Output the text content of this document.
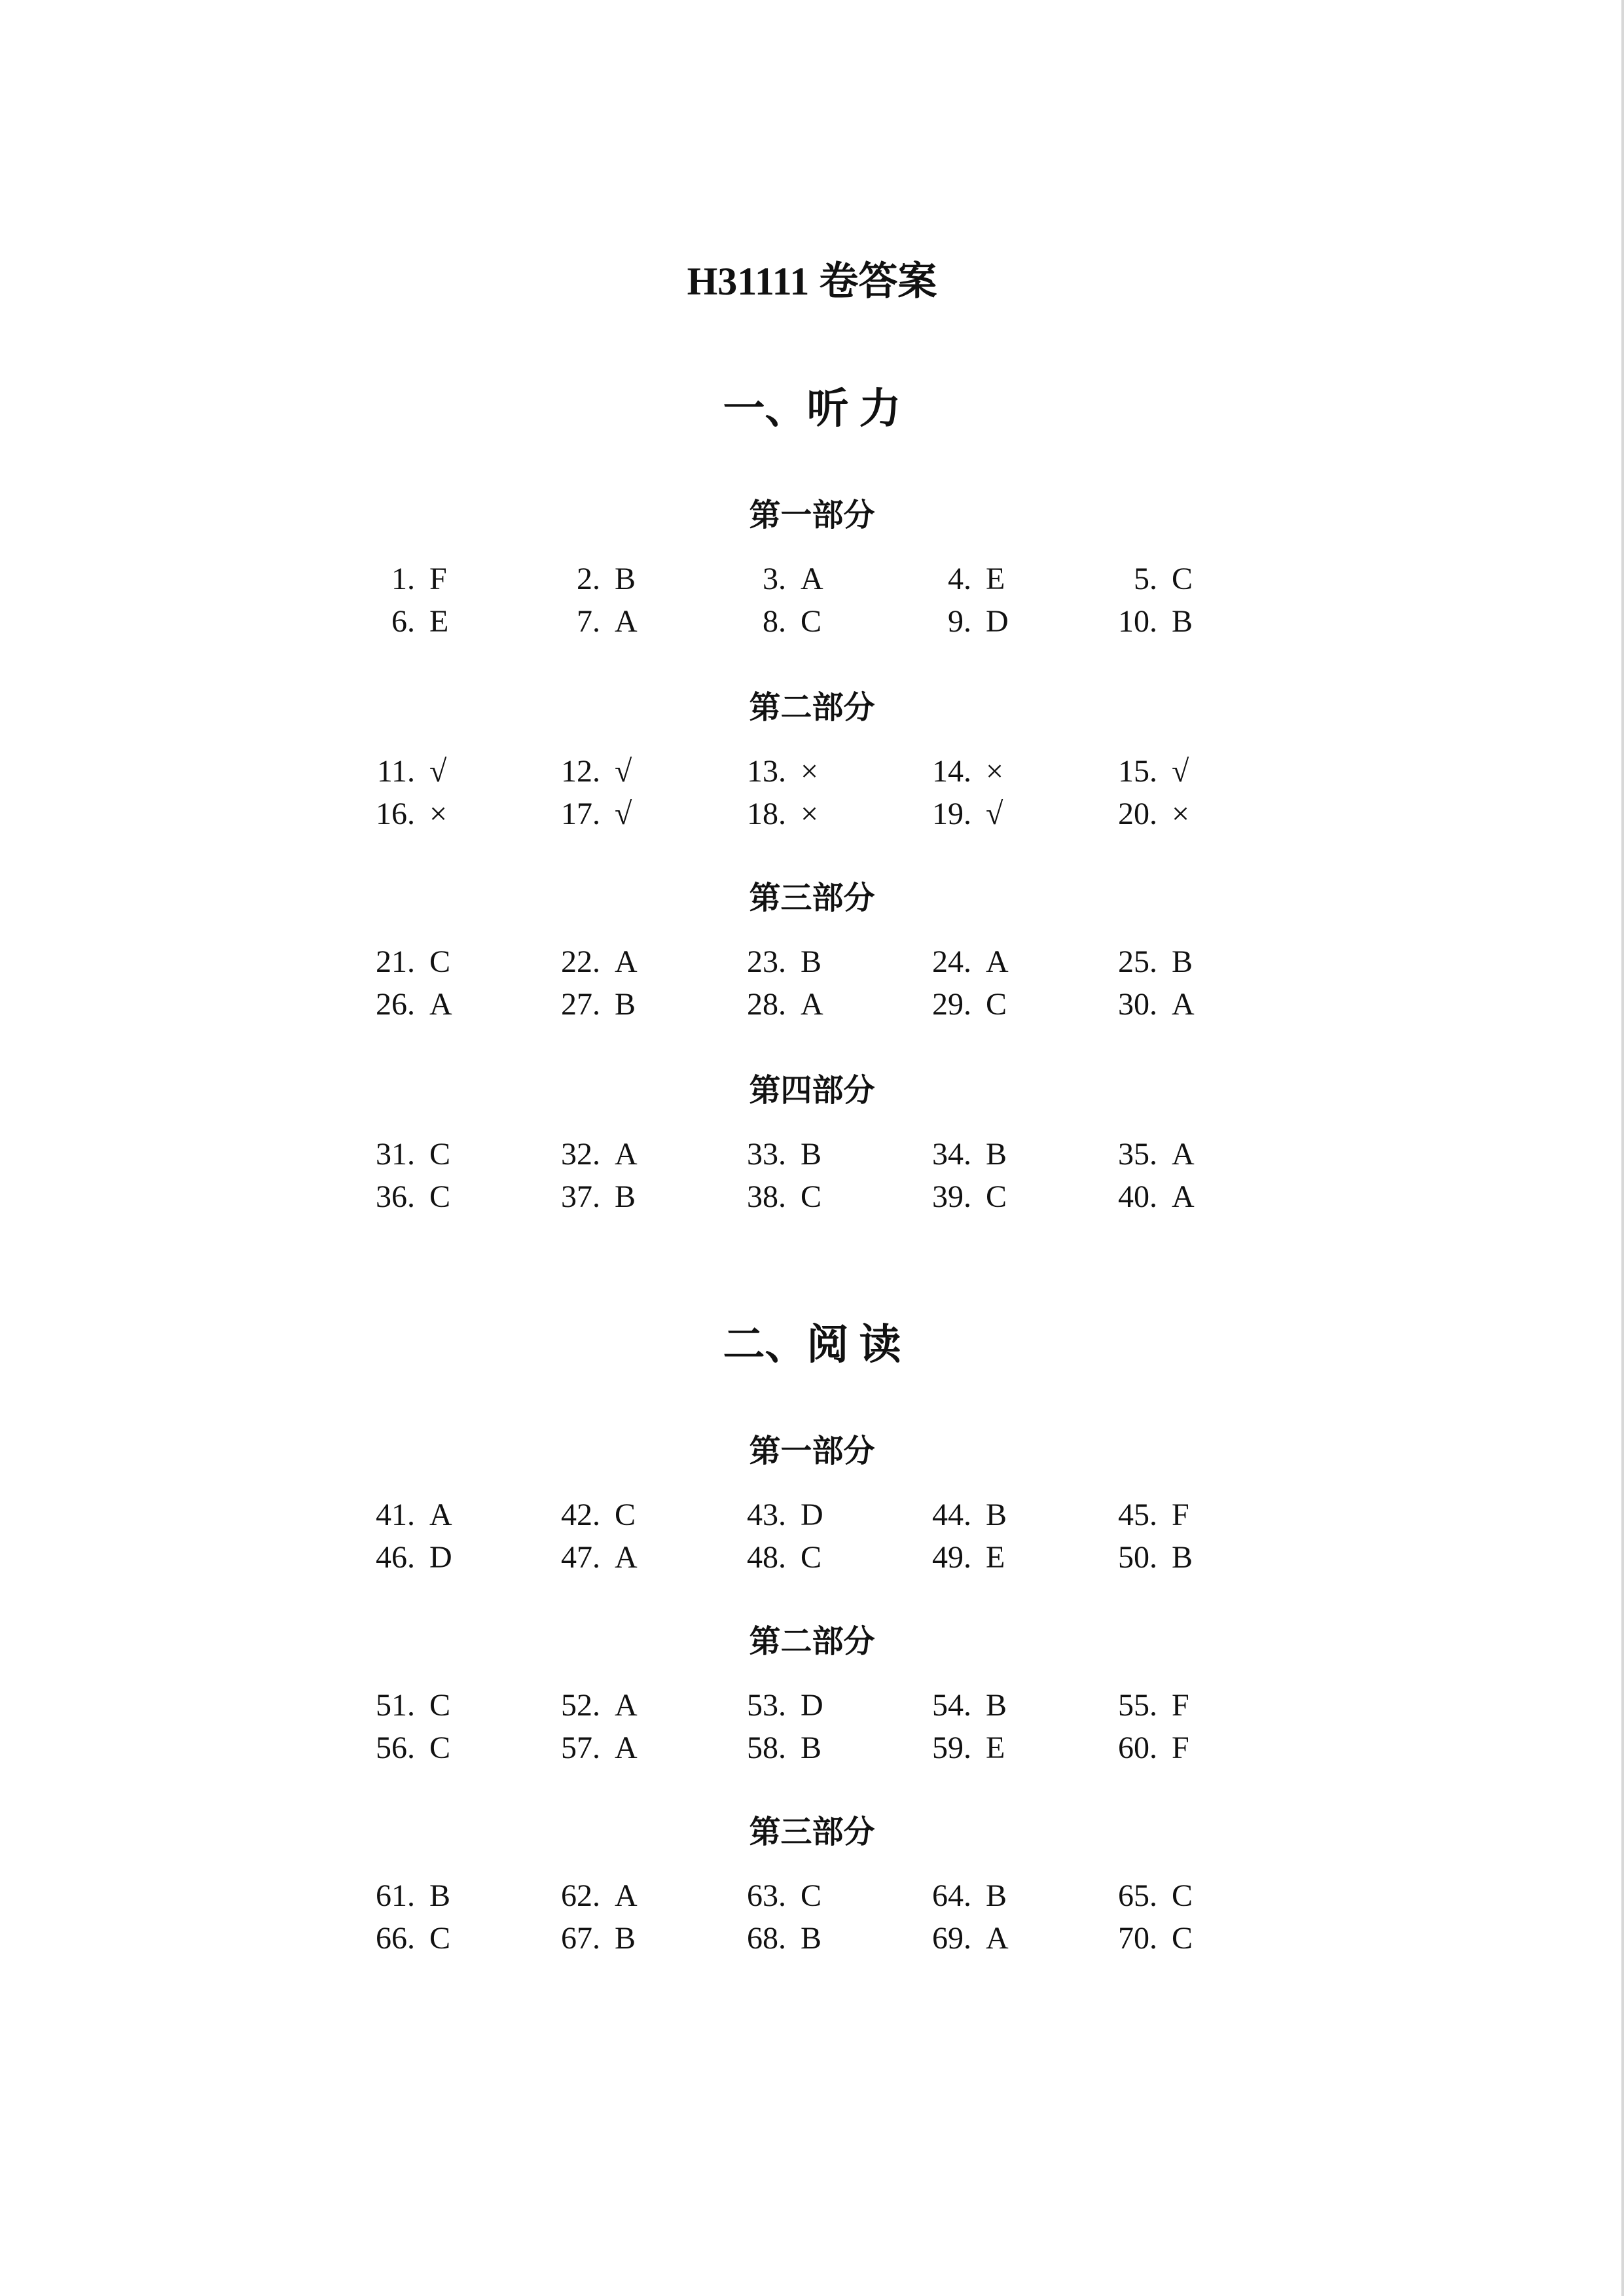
H31111 卷答案
一、听 力
二、阅 读
第一部分
1. F	2. B	3. A	4. E	5. C
6. E	7. A	8. C	9. D	10. B
第二部分
11. √	12. √	13. ×	14. ×	15. √
16. ×	17. √	18. ×	19. √	20. ×
第三部分
21. C	22. A	23. B	24. A	25. B
26. A	27. B	28. A	29. C	30. A
第四部分
31. C	32. A	33. B	34. B	35. A
36. C	37. B	38. C	39. C	40. A
第一部分
41. A	42. C	43. D	44. B	45. F
46. D	47. A	48. C	49. E	50. B
第二部分
51. C	52. A	53. D	54. B	55. F
56. C	57. A	58. B	59. E	60. F
第三部分
61. B	62. A	63. C	64. B	65. C
66. C	67. B	68. B	69. A	70. C
